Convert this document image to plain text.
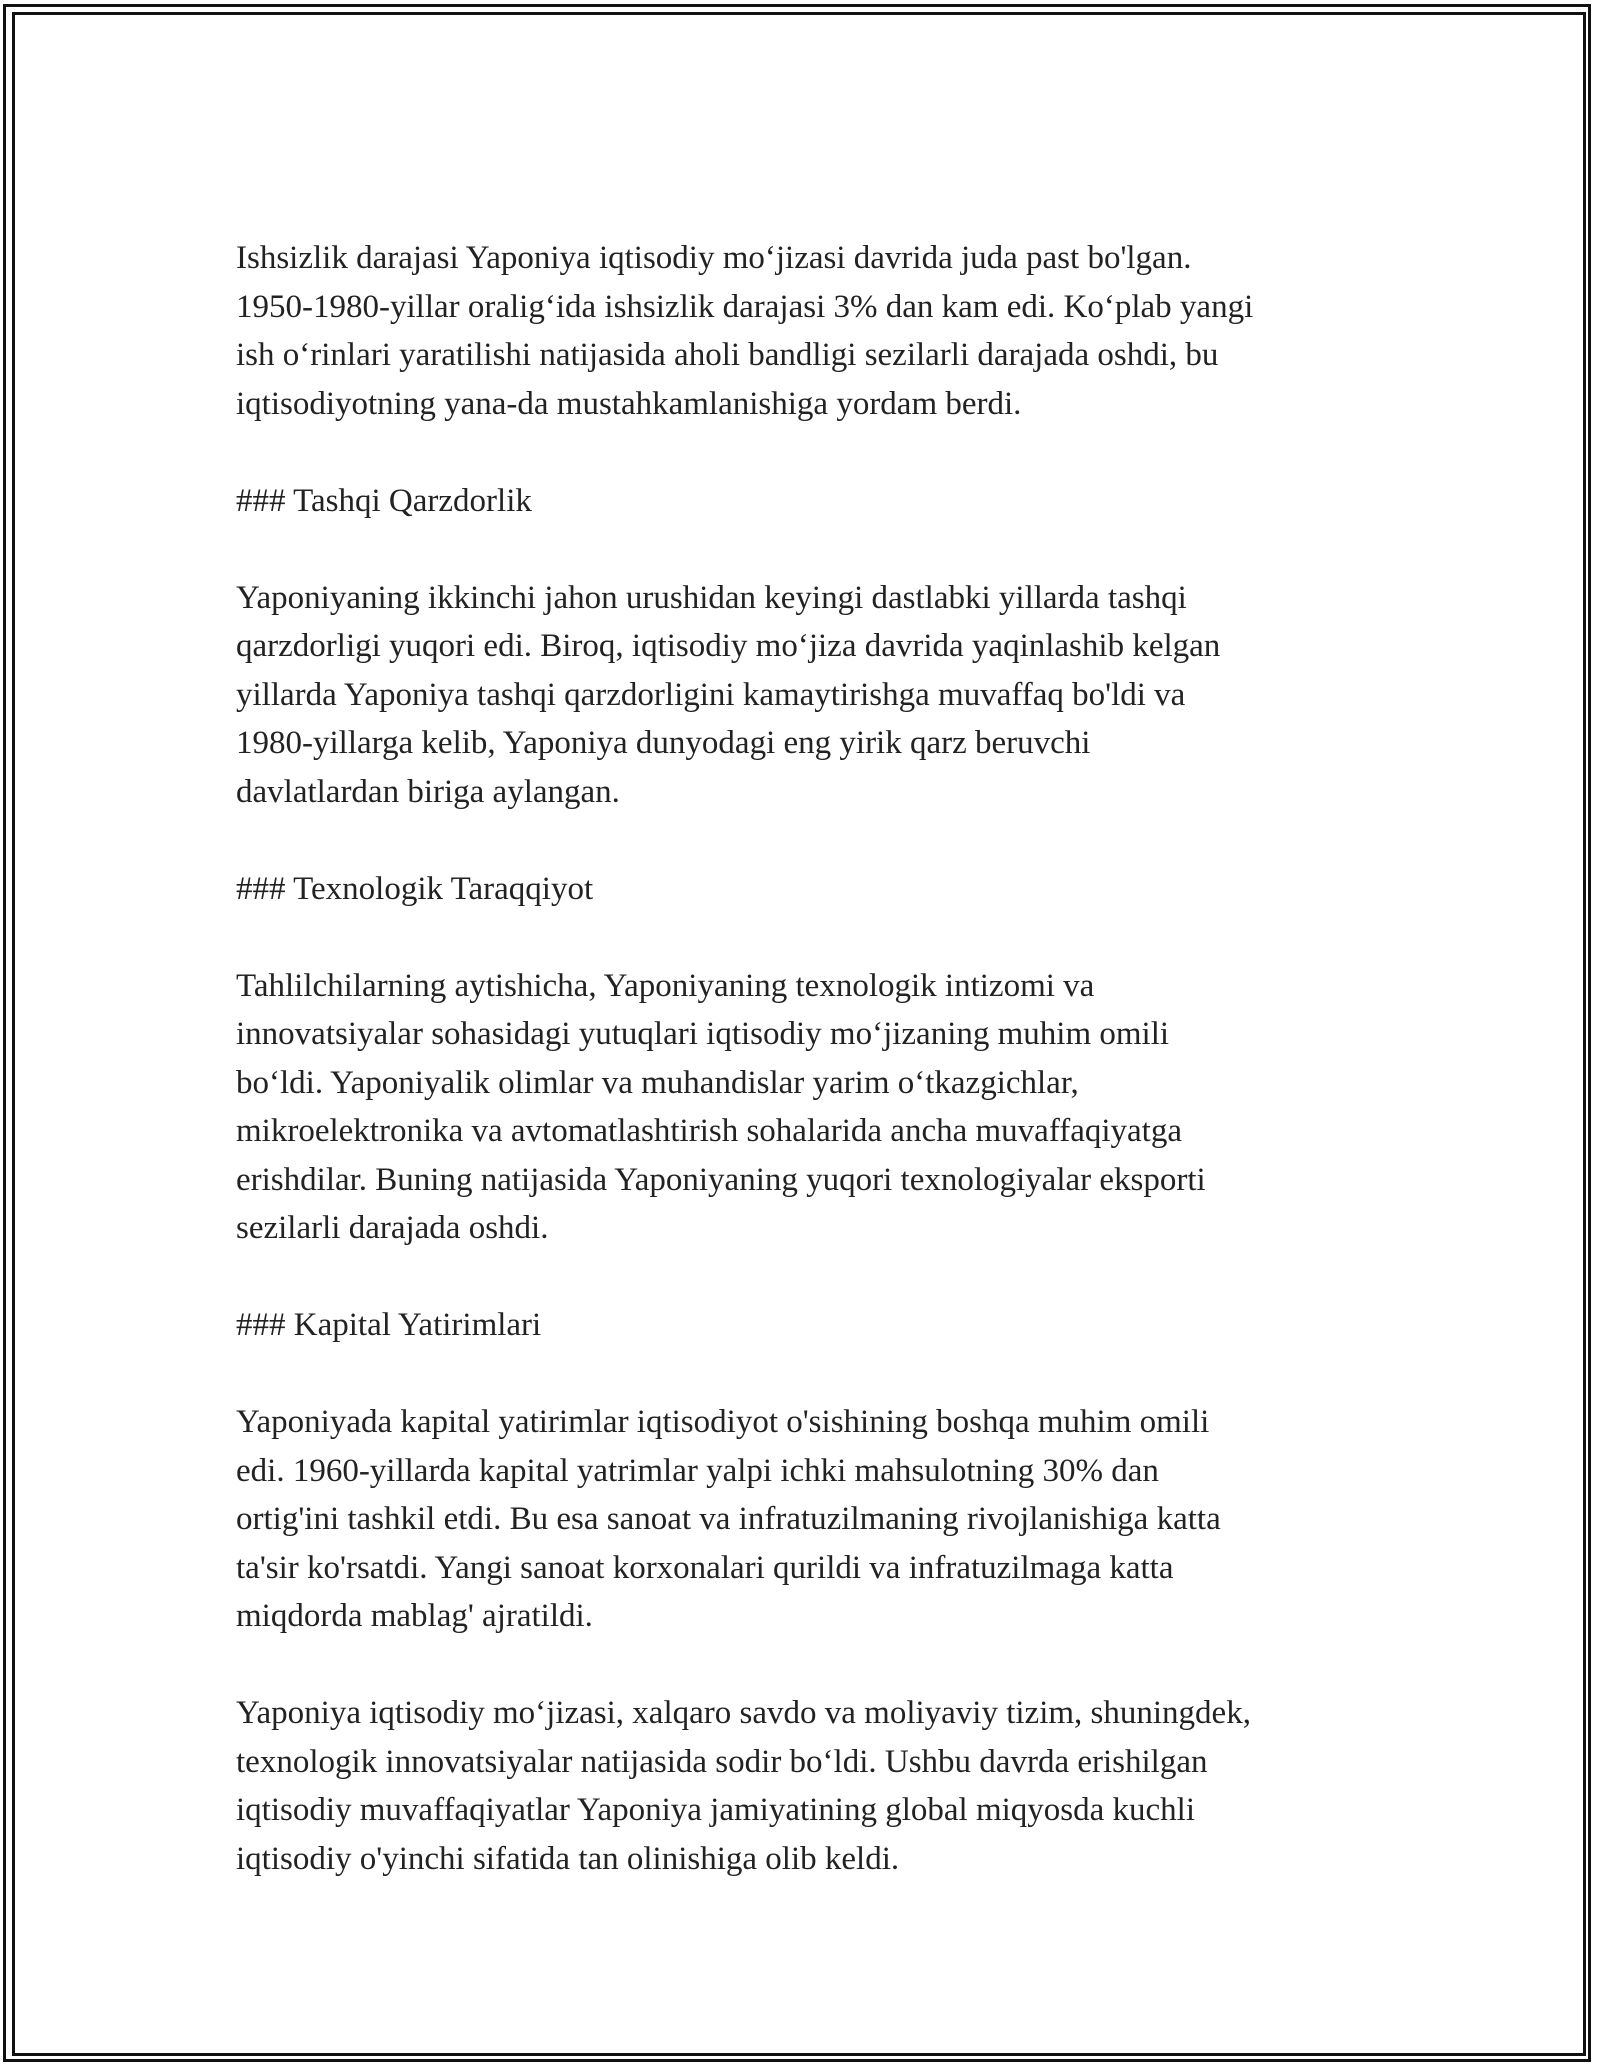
Ishsizlik darajasi Yaponiya iqtisodiy mo‘jizasi davrida juda past bo'lgan.
1950-1980-yillar oralig‘ida ishsizlik darajasi 3% dan kam edi. Ko‘plab yangi
ish o‘rinlari yaratilishi natijasida aholi bandligi sezilarli darajada oshdi, bu
iqtisodiyotning yana-da mustahkamlanishiga yordam berdi.

### Tashqi Qarzdorlik

Yaponiyaning ikkinchi jahon urushidan keyingi dastlabki yillarda tashqi
qarzdorligi yuqori edi. Biroq, iqtisodiy mo‘jiza davrida yaqinlashib kelgan
yillarda Yaponiya tashqi qarzdorligini kamaytirishga muvaffaq bo'ldi va
1980-yillarga kelib, Yaponiya dunyodagi eng yirik qarz beruvchi
davlatlardan biriga aylangan.

### Texnologik Taraqqiyot

Tahlilchilarning aytishicha, Yaponiyaning texnologik intizomi va
innovatsiyalar sohasidagi yutuqlari iqtisodiy mo‘jizaning muhim omili
bo‘ldi. Yaponiyalik olimlar va muhandislar yarim o‘tkazgichlar,
mikroelektronika va avtomatlashtirish sohalarida ancha muvaffaqiyatga
erishdilar. Buning natijasida Yaponiyaning yuqori texnologiyalar eksporti
sezilarli darajada oshdi.

### Kapital Yatirimlari

Yaponiyada kapital yatirimlar iqtisodiyot o'sishining boshqa muhim omili
edi. 1960-yillarda kapital yatrimlar yalpi ichki mahsulotning 30% dan
ortig'ini tashkil etdi. Bu esa sanoat va infratuzilmaning rivojlanishiga katta
ta'sir ko'rsatdi. Yangi sanoat korxonalari qurildi va infratuzilmaga katta
miqdorda mablag' ajratildi.

Yaponiya iqtisodiy mo‘jizasi, xalqaro savdo va moliyaviy tizim, shuningdek,
texnologik innovatsiyalar natijasida sodir bo‘ldi. Ushbu davrda erishilgan
iqtisodiy muvaffaqiyatlar Yaponiya jamiyatining global miqyosda kuchli
iqtisodiy o'yinchi sifatida tan olinishiga olib keldi.
